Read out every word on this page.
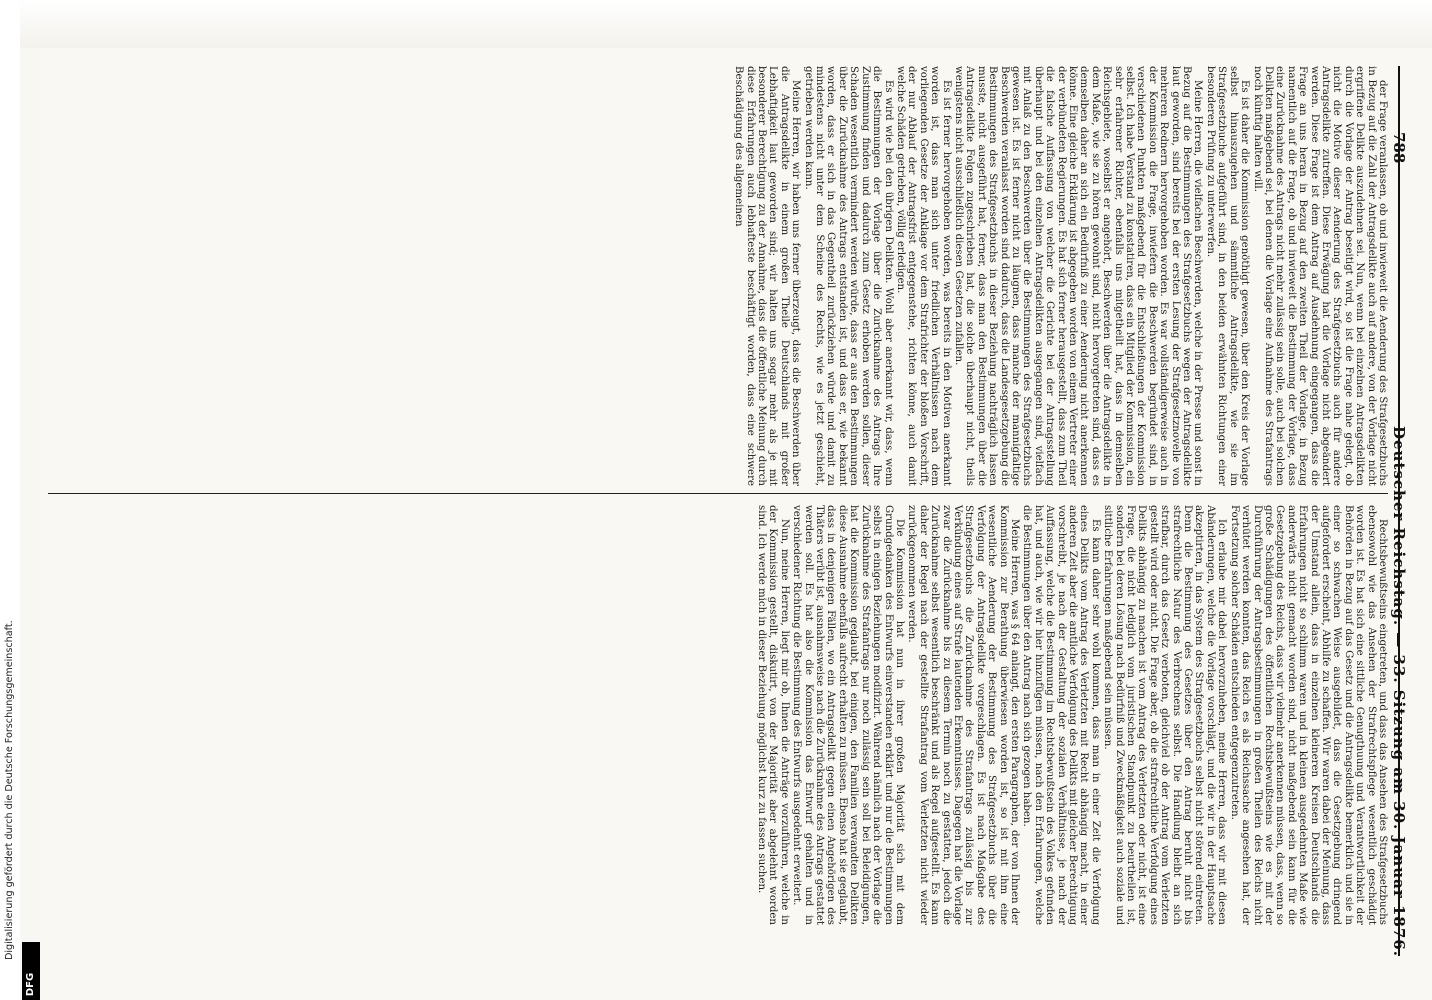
Digitalisierung gefördert durch die Deutsche Forschungsgemeinschaft.
DFG
788
Deutscher Reichstag. — 33. Sitzung am 30. Januar 1876.

der Frage veranlassen, ob und inwieweit die Aenderung des Strafgesetzbuchs in Bezug auf die Zahl der Antragsdelikte auch auf andere, von der Vorlage nicht ergriffene Delikte auszudehnen sei. Nun, wenn bei einzelnen Antragsdelikten durch die Vorlage der Antrag beseitigt wird, so ist die Frage nahe gelegt, ob nicht die Motive dieser Aenderung des Strafgesetzbuchs auch für andere Antragsdelikte zutreffen. Diese Erwägung hat die Vorlage nicht abgeändert werden. Diese Frage ist dem Antrag auf Ausdehnung eingegangen, dass die Frage an uns heran in Bezug auf den zweiten Theil der Vorlage, in Bezug namentlich auf die Frage, ob und inwieweit die Bestimmung der Vorlage, dass eine Zurücknahme des Antrags nicht mehr zulässig sein solle, auch bei solchen Delikten maßgebend sei, bei denen die Vorlage eine Aufnahme des Strafantrags noch künftig halten will.

Es ist daher die Kommission genöthigt gewesen, über den Kreis der Vorlage selbst hinauszugehen und sämmtliche Antragsdelikte, wie sie im Strafgesetzbuche aufgeführt sind, in den beiden erwähnten Richtungen einer besonderen Prüfung zu unterwerfen.

Meine Herren, die vielfachen Beschwerden, welche in der Presse und sonst in Bezug auf die Bestimmungen des Strafgesetzbuchs wegen der Antragsdelikte laut geworden, sind bereits bei der ersten Lesung der Strafgesetznovelle von mehreren Rednern hervorgehoben worden. Es war vollständigerweise auch in der Kommission die Frage, inwiefern die Beschwerden begründet sind, in verschiedenen Punkten maßgebend für die Entschließungen der Kommission selbst. Ich habe Verstand zu konstatiren, dass ein Mitglied der Kommission, ein sehr erfahrener Richter, ebenfalls uns mitgetheilt hat, dass in demselben Reichsgebiete, woselbst er angehört, Beschwerden über die Antragsdelikte in dem Maße, wie sie zu hören gewohnt sind, nicht hervorgetreten sind, dass es demselben daher an sich ein Bedürfniß zu einer Aenderung nicht anerkennen könne. Eine gleiche Erklärung ist abgegeben worden von einem Vertreter einer der verbündeten Regierungen. Es hat sich ferner herausgestellt, dass zum Theil die falsche Auffassung von welcher die Gerichte bei der Antragsstellung überhaupt und bei den einzelnen Antragsdelikten ausgegangen sind, vielfach mit Anlaß zu den Beschwerden über die Bestimmungen des Strafgesetzbuchs gewesen ist. Es ist ferner nicht zu läugnen, dass manche der mannigfaltige Beschwerden veranlasst worden sind dadurch, dass die Landesgesetzgebung die Bestimmungen des Strafgesetzbuchs in dieser Beziehung nachträglich lassen musste, nicht ausgeführt hat, ferner, dass man den Bestimmungen über die Antragsdelikte Folgen zugeschrieben hat, die solche überhaupt nicht, theils wenigstens nicht ausschließlich diesen Gesetzen zufallen.

Es ist ferner hervorgehoben worden, was bereits in den Motiven anerkannt worden ist, dass man sich unter friedlichen Verhältnissen nach dem vorliegenden Gesetze der Anklage vor dem Strafrichter der bloßen Vorschrift, der nur Ablauf der Antragsfrist entgegenstehe, richten könne, auch damit welche Schäden getrieben, völlig erledigen.

Es wird wie bei den übrigen Delikten. Wohl aber anerkannt wir, dass, wenn die Bestimmungen der Vorlage über die Zurücknahme des Antrags Ihre Zustimmung finden und dadurch zum Gesetz erhoben werden sollen, dieser Schaden wesentlich vermindert werden würde, dass er aus den Bestimmungen über die Zurücknahme des Antrags entstanden ist, und dass er, wie bekannt worden, dass er sich in das Gegentheil zurückziehen würde und damit zu mindestens nicht unter dem Scheine des Rechts, wie es jetzt geschieht, getrieben werden kann.

Meine Herren, wir haben uns ferner überzeugt, dass die Beschwerden über die Antragsdelikte in einem großen Theile Deutschlands mit großer Lebhaftigkeit laut geworden sind; wir halten uns sogar mehr als je mit besonderer Berechtigung zu der Annahme, dass die öffentliche Meinung durch diese Erfahrungen auch lebhafteste beschäftigt worden, dass eine schwere Beschädigung des allgemeinen

Rechtsbewußtseins eingetreten, und dass das Ansehen des Strafgesetzbuchs ebensowohl wie das Ansehen der Strafrechtspflege wesentlich geschädigt worden ist. Es hat sich eine sittliche Genugthuung und Verantwortlichkeit der Behörden in Bezug auf das Gesetz und die Antragsdelikte bemerklich und sie in einer so schwachen Weise ausgebildet, dass die Gesetzgebung dringend aufgefordert erscheint, Abhilfe zu schaffen. Wir waren dabei der Meinung, dass der Umstand allein, dass in einzelnen kleineren Kreisen Deutschlands die Erfahrungen nicht so schlimm waren und in kleinen ausgedehnten Maße wie anderwärts nicht gemacht worden sind, nicht maßgebend sein kann für die Gesetzgebung des Reichs, dass wir vielmehr anerkennen müssen, dass, wenn so große Schädigungen des öffentlichen Rechtsbewußtseins wie es mit der Durchführung der Antragsbestimmungen in großen Theilen des Reichs nicht verhütet werden konnten, das Reich es als Reichssache angesehen hat, der Fortsetzung solcher Schäden entschieden entgegenzutreten.

Ich erlaube mir dabei hervorzuheben, meine Herren, dass wir mit diesen Abänderungen, welche die Vorlage vorschlägt, und die wir in der Hauptsache akzeptirten, in das System des Strafgesetzbuchs selbst nicht störend eintreten. Denn die Bestimmung des Gesetzes über den Antrag beruht nicht bis strafrechtliche Natur des Verbrechens selbst. Die Handlung bleibt an sich strafbar, durch das Gesetz verboten, gleichviel ob der Antrag vom Verletzten gestellt wird oder nicht. Die Frage aber, ob die strafrechtliche Verfolgung eines Delikts abhängig zu machen ist vom Antrag des Verletzten oder nicht, ist eine Frage, die nicht lediglich vom juristischen Standpunkt zu beurtheilen ist, sondern bei deren Lösung nach Bedürfniß und Zweckmäßigkeit auch soziale und sittliche Erfahrungen maßgebend sein müssen.

Es kann daher sehr wohl kommen, dass man in einer Zeit die Verfolgung eines Delikts vom Antrag des Verletzten mit Recht abhängig macht, in einer anderen Zeit aber die amtliche Verfolgung des Delikts mit gleicher Berechtigung vorschreibt, je nach der Gestaltung der sozialen Verhältnisse, je nach der Auffassung, welche die Bestimmung im Rechtsbewußtsein des Volkes gefunden hat, und auch, wie wir hier hinzufügen müssen, nach den Erfahrungen, welche die Bestimmungen über den Antrag nach sich gezogen haben.

Meine Herren, was § 64 anlangt, den ersten Paragraphen, der von Ihnen der Kommission zur Berathung überwiesen worden ist, so ist mit ihm eine wesentliche Aenderung der Bestimmung des Strafgesetzbuchs über die Verfolgung der Antragsdelikte vorgeschlagen. Es ist nach Maßgabe des Strafgesetzbuchs die Zurücknahme des Strafantrags zulässig bis zur Verkündung eines auf Strafe lautenden Erkenntnisses. Dagegen hat die Vorlage zwar die Zurücknahme bis zu diesem Termin noch zu gestatten, jedoch die Zurücknahme selbst wesentlich beschränkt und als Regel aufgestellt. Es kann daher der Regel nach der gestellte Strafantrag vom Verletzten nicht wieder zurückgenommen werden.

Die Kommission hat nun in ihrer großen Majorität sich mit dem Grundgedanken des Entwurfs einverstanden erklärt und nur die Bestimmungen selbst in einigen Beziehungen modifizirt. Während nämlich nach der Vorlage die Zurücknahme des Strafantrags nur noch zulässig sein soll bei Beleidigungen, hat die Kommission geglaubt, bei einigen, den Familien verwandten Delikten diese Ausnahme ebenfalls aufrecht erhalten zu müssen. Ebenso hat sie geglaubt, dass in denjenigen Fällen, wo ein Antragsdelikt gegen einen Angehörigen des Thäters verübt ist, ausnahmsweise nach die Zurücknahme des Antrags gestattet werden soll. Es hat also die Kommission das Entwurf gehalten und in verschiedener Richtung die Bestimmung des Entwurfs ausgedehnt erweitert.

Nun, meine Herren, liegt mir ob, Ihnen die Anträge vorzuführen, welche in der Kommission gestellt, diskutirt, von der Majorität aber abgelehnt worden sind. Ich werde mich in dieser Beziehung möglichst kurz zu fassen suchen.
